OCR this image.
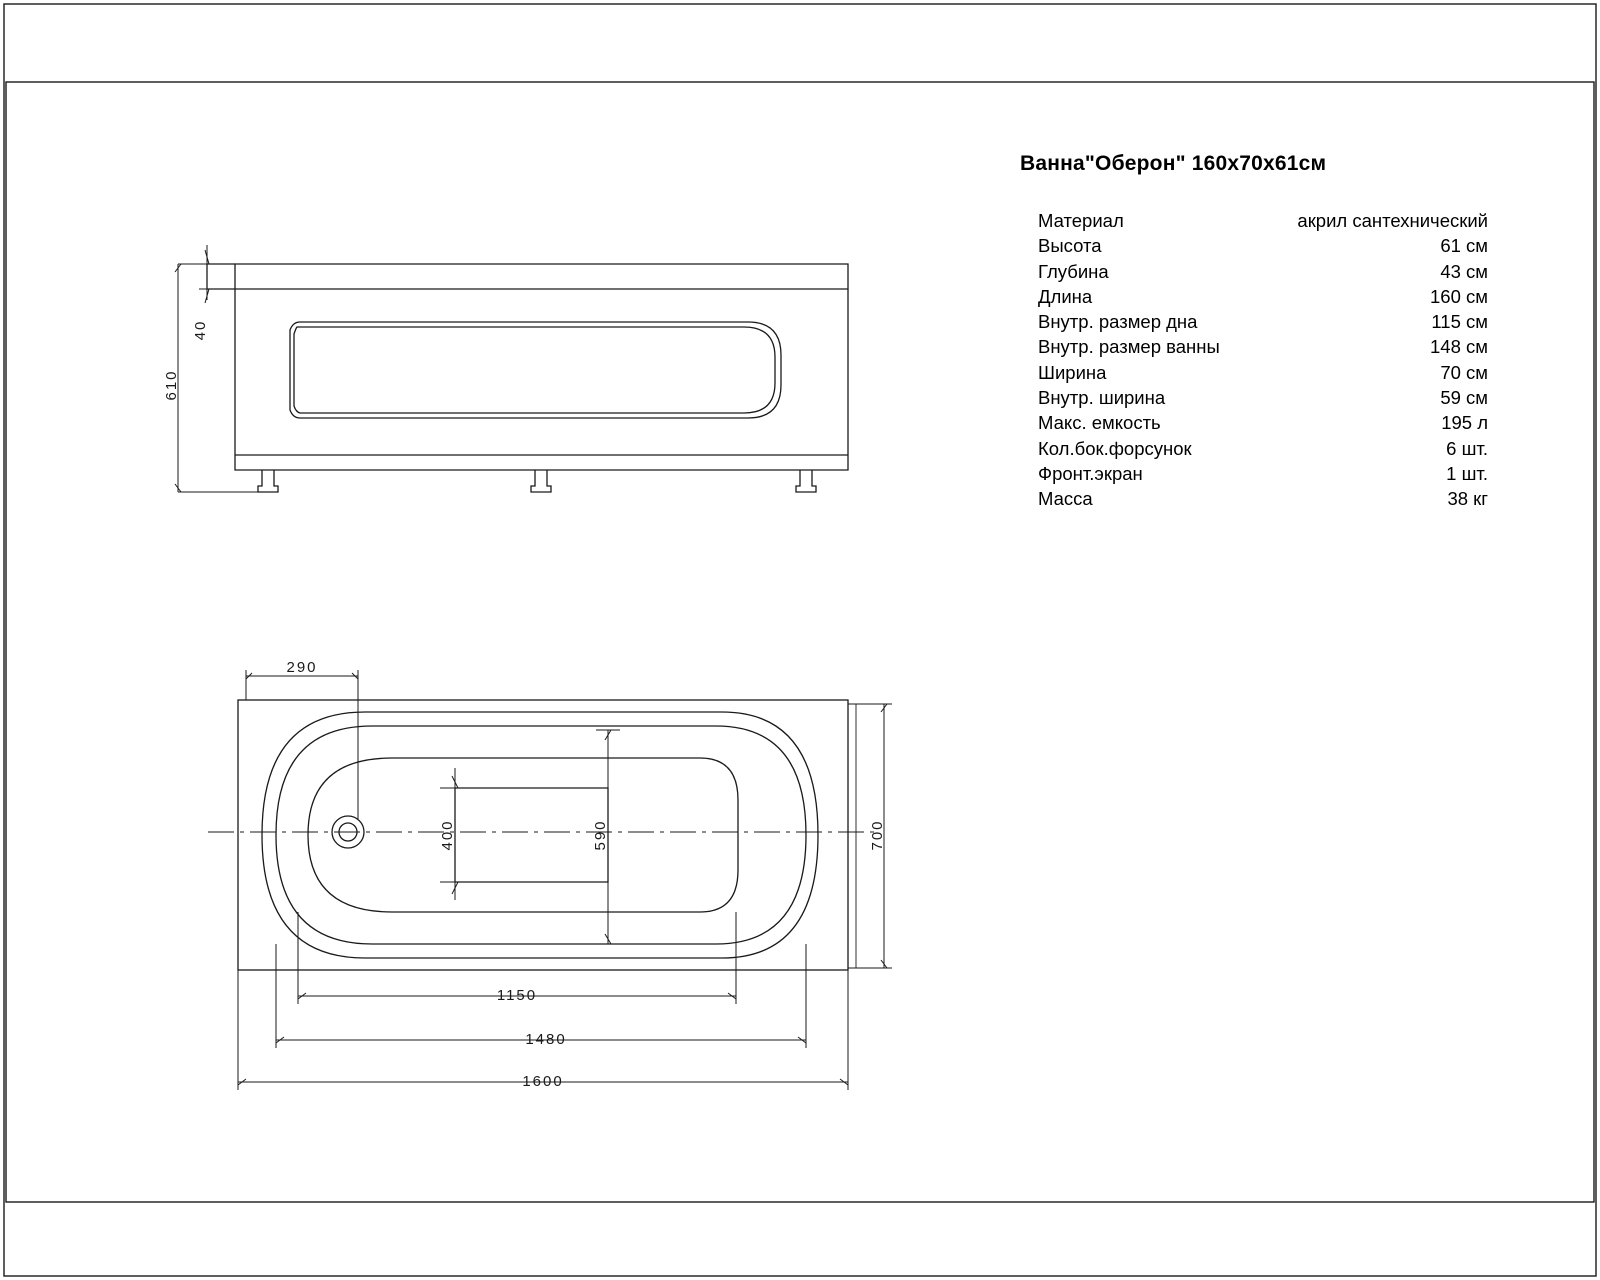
40
610
290
700
400	590
1150
1480
1600
Ванна"Оберон" 160х70х61см
Материал	акрил сантехнический
Высота	61 см
Глубина	43 см
Длина	160 см
Внутр. размер дна	115 см
Внутр. размер ванны	148 см
Ширина	70 см
Внутр. ширина	59 см
Макс. емкость	195 л
Кол.бок.форсунок	6 шт.
Фронт.экран	1 шт.
Масса	38 кг
